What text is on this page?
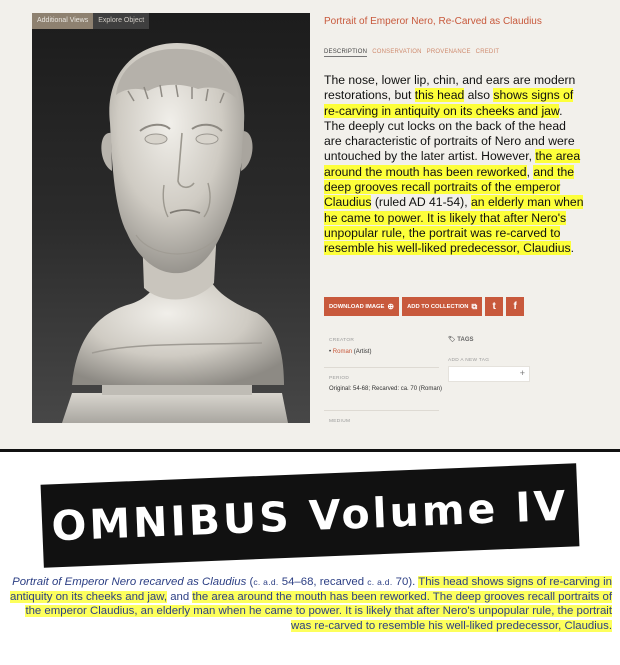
Additional Views	Explore Object	Portrait of Emperor Nero, Re-Carved as Claudius
DESCRIPTION CONSERVATION PROVENANCE CREDIT
The nose, lower lip, chin, and ears are modern restorations, but this head also shows signs of re-carving in antiquity on its cheeks and jaw. The deeply cut locks on the back of the head are characteristic of portraits of Nero and were untouched by the later artist. However, the area around the mouth has been reworked, and the deep grooves recall portraits of the emperor Claudius (ruled AD 41-54), an elderly man when he came to power. It is likely that after Nero's unpopular rule, the portrait was re-carved to resemble his well-liked predecessor, Claudius.
DOWNLOAD IMAGE ⊕ ADD TO COLLECTION ⧉	t	f
CREATOR
• Roman (Artist)
PERIOD
Original: 54-68; Recarved: ca. 70 (Roman)
MEDIUM
🏷 TAGS
ADD A NEW TAG
+
OMNIBUS Volume IV
Portrait of Emperor Nero recarved as Claudius (c. a.d. 54–68, recarved c. a.d. 70). This head shows signs of re-carving in antiquity on its cheeks and jaw, and the area around the mouth has been reworked. The deep grooves recall portraits of the emperor Claudius, an elderly man when he came to power. It is likely that after Nero's unpopular rule, the portrait was re-carved to resemble his well-liked predecessor, Claudius.
